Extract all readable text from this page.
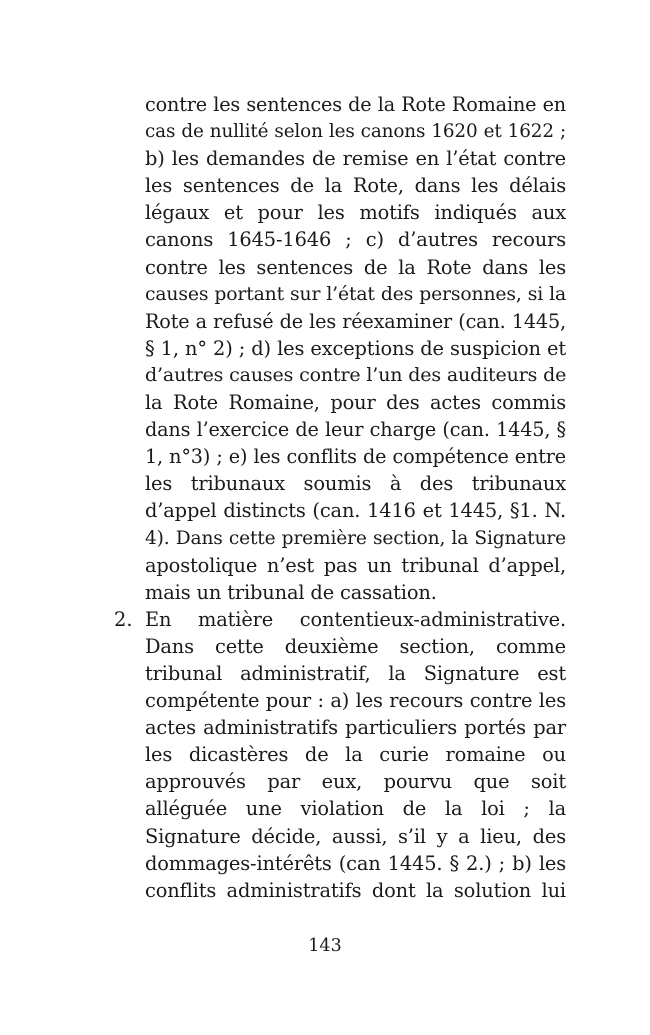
contre les sentences de la Rote Romaine en
cas de nullité selon les canons 1620 et 1622 ;
b) les demandes de remise en l’état contre
les sentences de la Rote, dans les délais
légaux et pour les motifs indiqués aux
canons 1645-1646 ; c) d’autres recours
contre les sentences de la Rote dans les
causes portant sur l’état des personnes, si la
Rote a refusé de les réexaminer (can. 1445,
§ 1, n° 2) ; d) les exceptions de suspicion et
d’autres causes contre l’un des auditeurs de
la Rote Romaine, pour des actes commis
dans l’exercice de leur charge (can. 1445, §
1, n°3) ; e) les conflits de compétence entre
les tribunaux soumis à des tribunaux
d’appel distincts (can. 1416 et 1445, §1. N.
4). Dans cette première section, la Signature
apostolique n’est pas un tribunal d’appel,
mais un tribunal de cassation.
En matière contentieux-administrative.
Dans cette deuxième section, comme
tribunal administratif, la Signature est
compétente pour : a) les recours contre les
actes administratifs particuliers portés par
les dicastères de la curie romaine ou
approuvés par eux, pourvu que soit
alléguée une violation de la loi ; la
Signature décide, aussi, s’il y a lieu, des
dommages-intérêts (can 1445. § 2.) ; b) les
conflits administratifs dont la solution lui
2.
143
